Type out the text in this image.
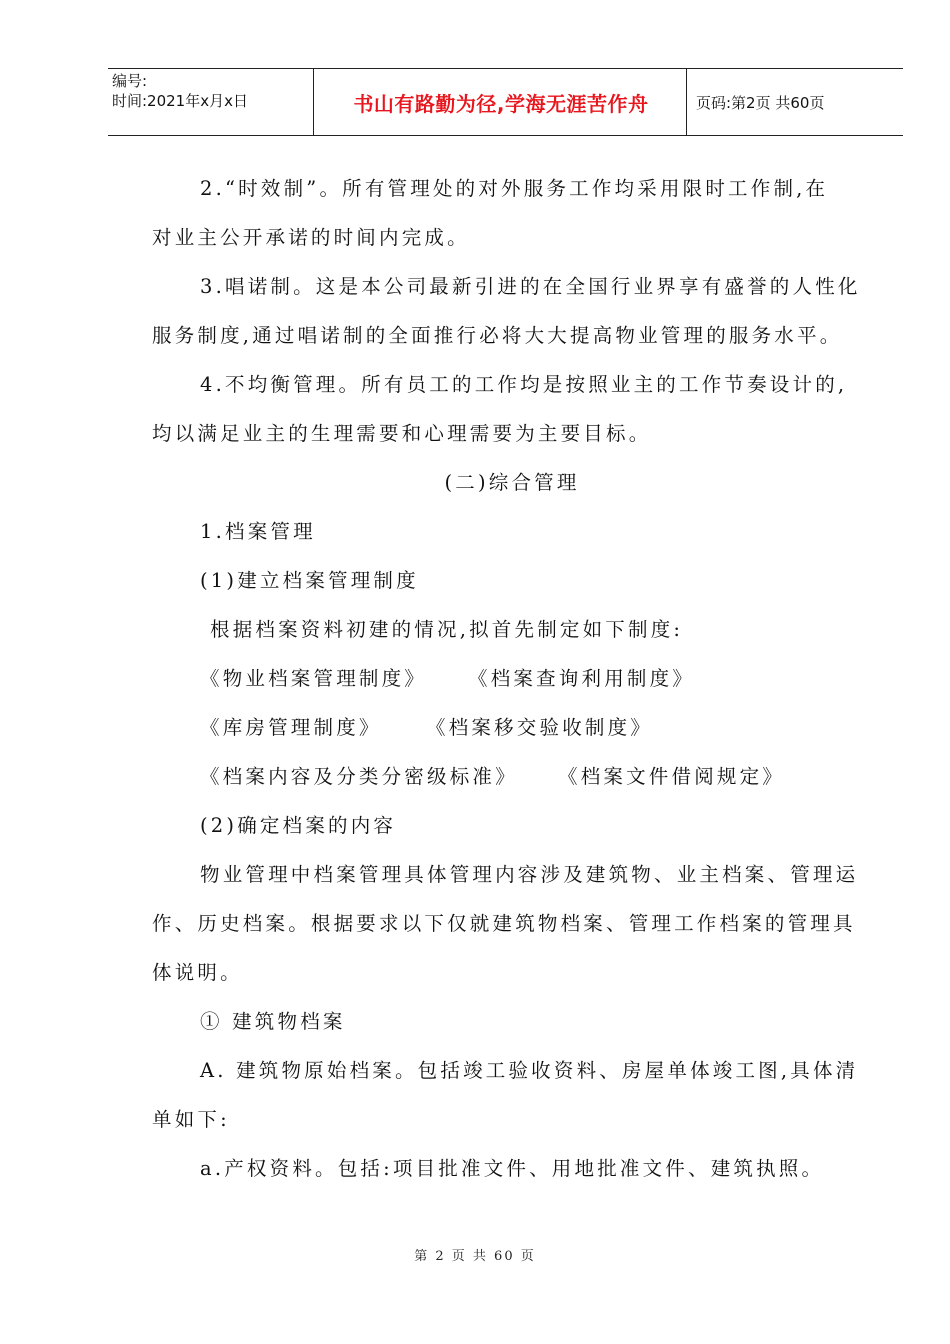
编号:
时间:2021年x月x日	书山有路勤为径,学海无涯苦作舟	页码:第2页 共60页

2.“时效制”。所有管理处的对外服务工作均采用限时工作制,在

对业主公开承诺的时间内完成。

3.唱诺制。这是本公司最新引进的在全国行业界享有盛誉的人性化

服务制度,通过唱诺制的全面推行必将大大提高物业管理的服务水平。

4.不均衡管理。所有员工的工作均是按照业主的工作节奏设计的,

均以满足业主的生理需要和心理需要为主要目标。

(二)综合管理

1.档案管理

(1)建立档案管理制度

根据档案资料初建的情况,拟首先制定如下制度:

《物业档案管理制度》 《档案查询利用制度》

《库房管理制度》 《档案移交验收制度》

《档案内容及分类分密级标准》 《档案文件借阅规定》

(2)确定档案的内容

物业管理中档案管理具体管理内容涉及建筑物、业主档案、管理运

作、历史档案。根据要求以下仅就建筑物档案、管理工作档案的管理具

体说明。

① 建筑物档案

A. 建筑物原始档案。包括竣工验收资料、房屋单体竣工图,具体清

单如下:

a.产权资料。包括:项目批准文件、用地批准文件、建筑执照。

第 2 页 共 60 页
